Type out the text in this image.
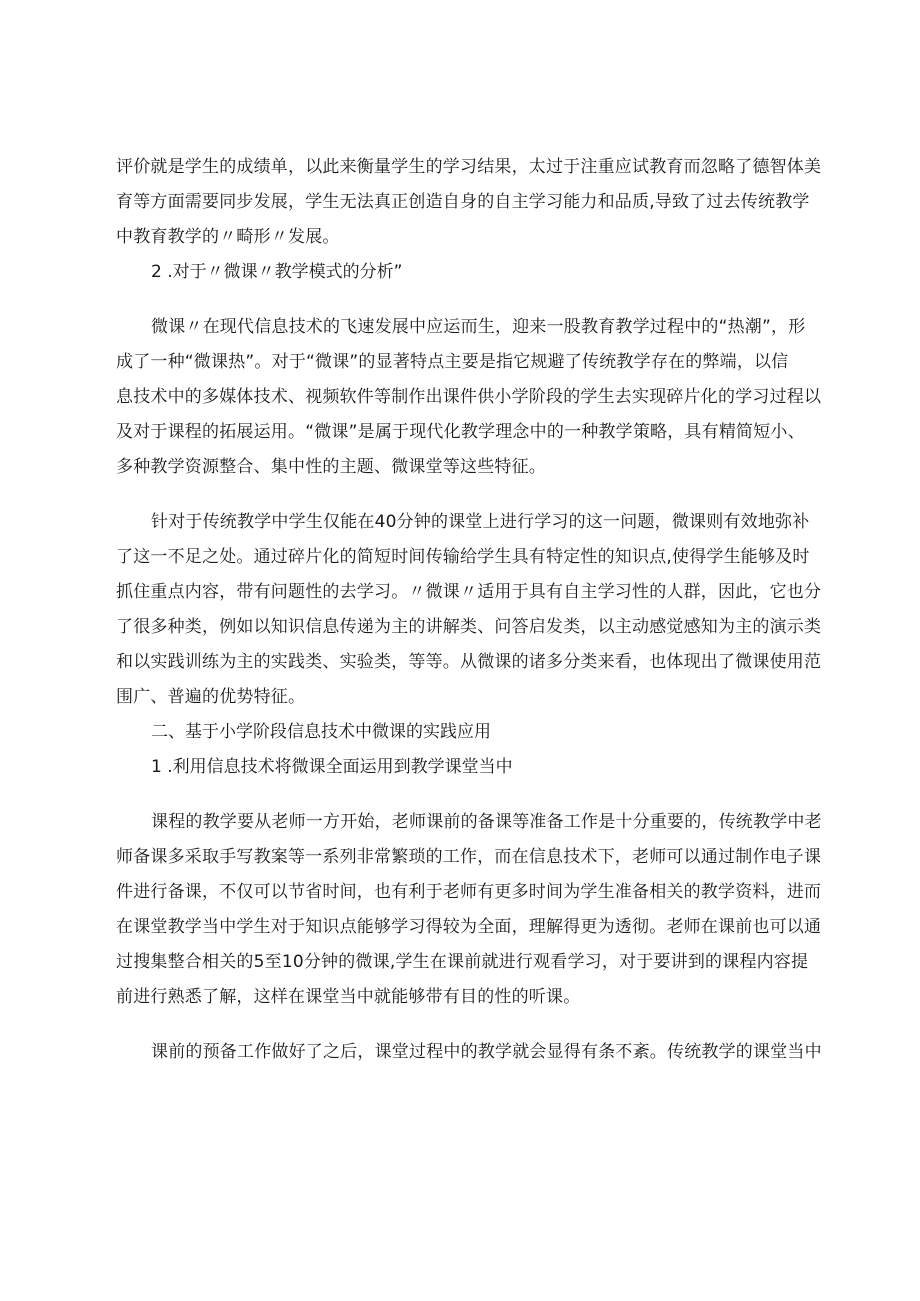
评价就是学生的成绩单，以此来衡量学生的学习结果，太过于注重应试教育而忽略了德智体美
育等方面需要同步发展，学生无法真正创造自身的自主学习能力和品质,导致了过去传统教学
中教育教学的〃畸形〃发展。

2 .对于〃微课〃教学模式的分析”

微课〃在现代信息技术的飞速发展中应运而生，迎来一股教育教学过程中的“热潮”，形
成了一种“微课热”。对于“微课”的显著特点主要是指它规避了传统教学存在的弊端，以信
息技术中的多媒体技术、视频软件等制作出课件供小学阶段的学生去实现碎片化的学习过程以
及对于课程的拓展运用。“微课”是属于现代化教学理念中的一种教学策略，具有精简短小、
多种教学资源整合、集中性的主题、微课堂等这些特征。

针对于传统教学中学生仅能在40分钟的课堂上进行学习的这一问题，微课则有效地弥补
了这一不足之处。通过碎片化的简短时间传输给学生具有特定性的知识点,使得学生能够及时
抓住重点内容，带有问题性的去学习。〃微课〃适用于具有自主学习性的人群，因此，它也分
了很多种类，例如以知识信息传递为主的讲解类、问答启发类，以主动感觉感知为主的演示类
和以实践训练为主的实践类、实验类，等等。从微课的诸多分类来看，也体现出了微课使用范
围广、普遍的优势特征。

二、基于小学阶段信息技术中微课的实践应用

1 .利用信息技术将微课全面运用到教学课堂当中

课程的教学要从老师一方开始，老师课前的备课等准备工作是十分重要的，传统教学中老
师备课多采取手写教案等一系列非常繁琐的工作，而在信息技术下，老师可以通过制作电子课
件进行备课，不仅可以节省时间，也有利于老师有更多时间为学生准备相关的教学资料，进而
在课堂教学当中学生对于知识点能够学习得较为全面，理解得更为透彻。老师在课前也可以通
过搜集整合相关的5至10分钟的微课,学生在课前就进行观看学习，对于要讲到的课程内容提
前进行熟悉了解，这样在课堂当中就能够带有目的性的听课。

课前的预备工作做好了之后，课堂过程中的教学就会显得有条不紊。传统教学的课堂当中
